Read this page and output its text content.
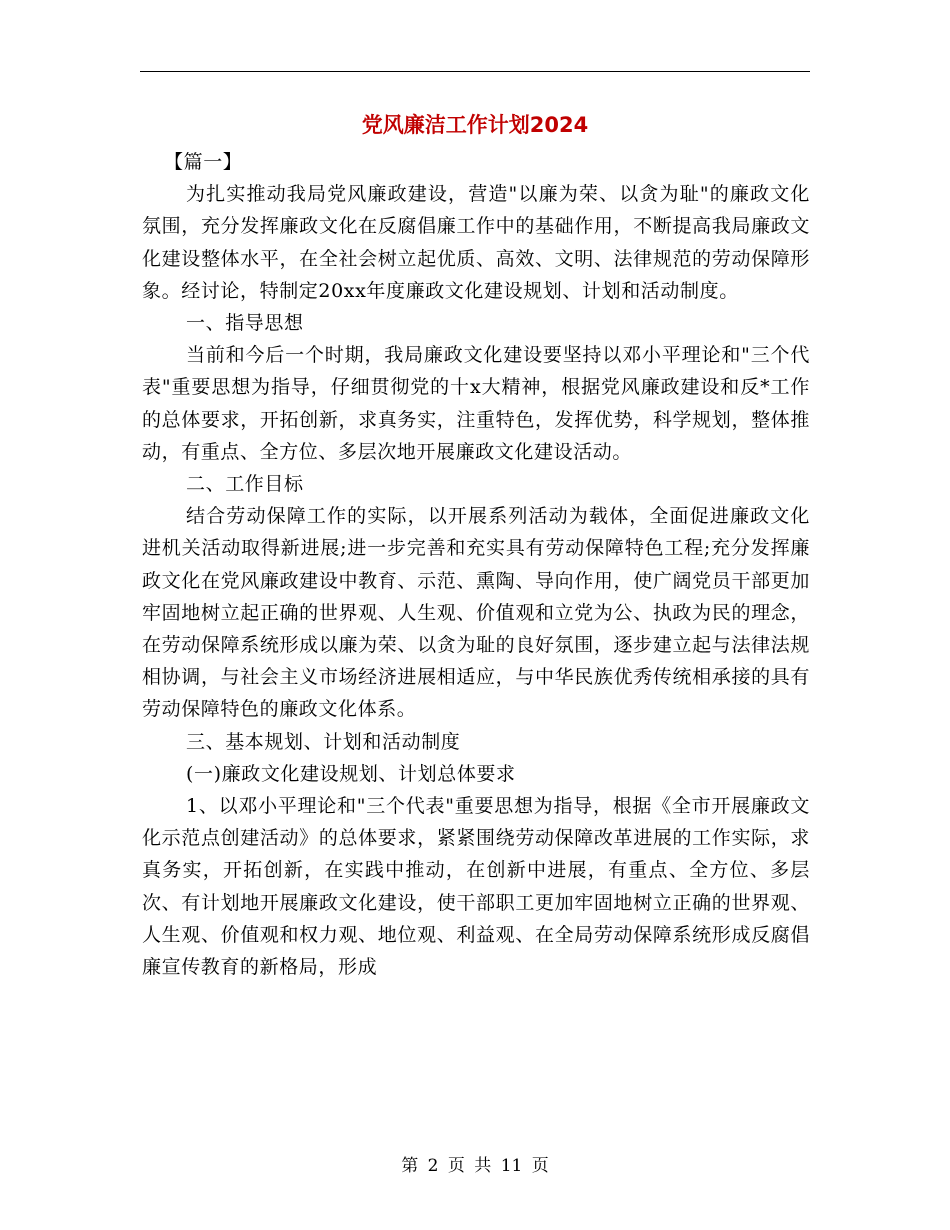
党风廉洁工作计划2024

【篇一】

为扎实推动我局党风廉政建设，营造"以廉为荣、以贪为耻"的廉政文化氛围，充分发挥廉政文化在反腐倡廉工作中的基础作用，不断提高我局廉政文化建设整体水平，在全社会树立起优质、高效、文明、法律规范的劳动保障形象。经讨论，特制定20xx年度廉政文化建设规划、计划和活动制度。

一、指导思想

当前和今后一个时期，我局廉政文化建设要坚持以邓小平理论和"三个代表"重要思想为指导，仔细贯彻党的十x大精神，根据党风廉政建设和反*工作的总体要求，开拓创新，求真务实，注重特色，发挥优势，科学规划，整体推动，有重点、全方位、多层次地开展廉政文化建设活动。

二、工作目标

结合劳动保障工作的实际，以开展系列活动为载体，全面促进廉政文化进机关活动取得新进展;进一步完善和充实具有劳动保障特色工程;充分发挥廉政文化在党风廉政建设中教育、示范、熏陶、导向作用，使广阔党员干部更加牢固地树立起正确的世界观、人生观、价值观和立党为公、执政为民的理念，在劳动保障系统形成以廉为荣、以贪为耻的良好氛围，逐步建立起与法律法规相协调，与社会主义市场经济进展相适应，与中华民族优秀传统相承接的具有劳动保障特色的廉政文化体系。

三、基本规划、计划和活动制度

(一)廉政文化建设规划、计划总体要求

1、以邓小平理论和"三个代表"重要思想为指导，根据《全市开展廉政文化示范点创建活动》的总体要求，紧紧围绕劳动保障改革进展的工作实际，求真务实，开拓创新，在实践中推动，在创新中进展，有重点、全方位、多层次、有计划地开展廉政文化建设，使干部职工更加牢固地树立正确的世界观、人生观、价值观和权力观、地位观、利益观、在全局劳动保障系统形成反腐倡廉宣传教育的新格局，形成

第 2 页 共 11 页
